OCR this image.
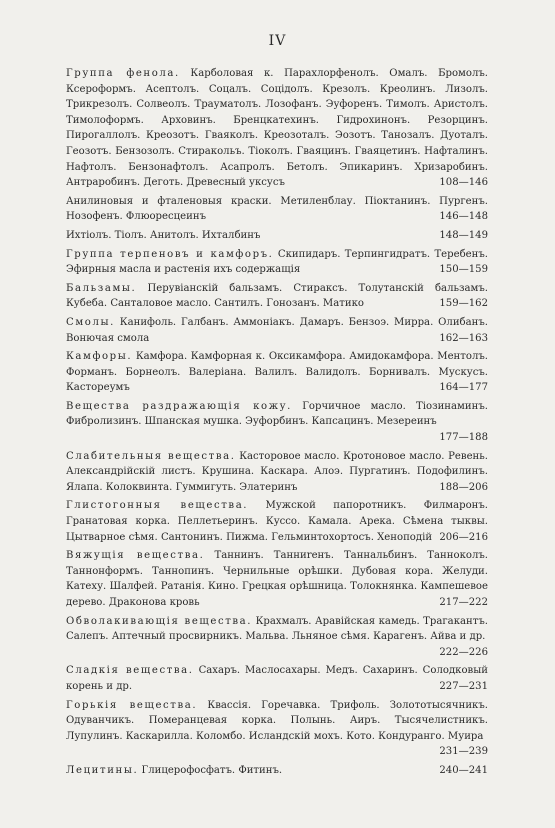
IV
Группа фенола. Карболовая к. Парахлорфенолъ. Омалъ. Бромолъ. Ксероформъ. Асептолъ. Соцалъ. Соцідолъ. Крезолъ. Креолинъ. Лизолъ. Трикрезолъ. Солвеолъ. Трауматолъ. Лозофанъ. Эуфоренъ. Тимолъ. Аристолъ. Тимолоформъ. Арховинъ. Бренцкатехинъ. Гидрохинонъ. Резорцинъ. Пирогаллолъ. Креозотъ. Гваяколъ. Креозоталъ. Эозотъ. Танозалъ. Дуоталъ. Геозотъ. Бензозолъ. Стиракольъ. Тіоколъ. Гваяцинъ. Гваяцетинъ. Нафталинъ. Нафтолъ. Бензонафтолъ. Асапролъ. Бетолъ. Эпикаринъ. Хризаробинъ. Антраробинъ. Деготь. Древесный уксусъ	108—146
Анилиновыя и фталеновыя краски. Метиленблау. Піоктанинъ. Пургенъ. Нозофенъ. Флюоресцеинъ	146—148
Ихтіолъ. Тіолъ. Анитолъ. Ихталбинъ	148—149
Группа терпеновъ и камфоръ. Скипидаръ. Терпингидратъ. Теребенъ. Эфирныя масла и растенія ихъ содержащія	150—159
Бальзамы. Перувіанскій бальзамъ. Стираксъ. Толутанскій бальзамъ. Кубеба. Санталовое масло. Сантилъ. Гонозанъ. Матико	159—162
Смолы. Канифоль. Галбанъ. Аммоніакъ. Дамаръ. Бензоэ. Мирра. Олибанъ. Вонючая смола	162—163
Камфоры. Камфора. Камфорная к. Оксикамфора. Амидокамфора. Ментолъ. Форманъ. Борнеолъ. Валеріана. Валилъ. Валидолъ. Борнивалъ. Мускусъ. Кастореумъ	164—177
Вещества раздражающія кожу. Горчичное масло. Тіозинаминъ. Фибролизинъ. Шпанская мушка. Эуфорбинъ. Капсацинъ. Мезереинъ
177—188
Слабительныя вещества. Касторовое масло. Кротоновое масло. Ревень. Александрійскій листъ. Крушина. Каскара. Алоэ. Пургатинъ. Подофилинъ. Ялапа. Колоквинта. Гуммигуть. Элатеринъ	188—206
Глистогонныя вещества. Мужской папоротникъ. Филмаронъ. Гранатовая корка. Пеллетьеринъ. Куссо. Камала. Арека. Сѣмена тыквы. Цытварное сѣмя. Сантонинъ. Пижма. Гельминтохортосъ. Хеноподій 206—216
Вяжущія вещества. Таннинъ. Танниrенъ. Таннальбинъ. Танноколъ. Таннонформъ. Таннопинъ. Чернильные орѣшки. Дубовая кора. Желуди. Катеху. Шалфей. Ратанія. Кино. Грецкая орѣшница. Толокнянка. Кампешевое дерево. Драконова кровь	217—222
Обволакивающія вещества. Крахмалъ. Аравійская камедь. Трагакантъ. Салепъ. Аптечный просвирникъ. Мальва. Льняное сѣмя. Карагенъ. Айва и др.
222—226
Сладкія вещества. Сахаръ. Маслосахары. Медъ. Сахаринъ. Солодковый корень и др.	227—231
Горькія вещества. Квассія. Горечавка. Трифоль. Золототысячникъ. Одуванчикъ. Померанцевая корка. Полынь. Аиръ. Тысячелистникъ. Лупулинъ. Каскарилла. Коломбо. Исландскій мохъ. Кото. Кондуранго. Муира
231—239
Лецитины. Глицерофосфатъ. Фитинъ.	240—241
